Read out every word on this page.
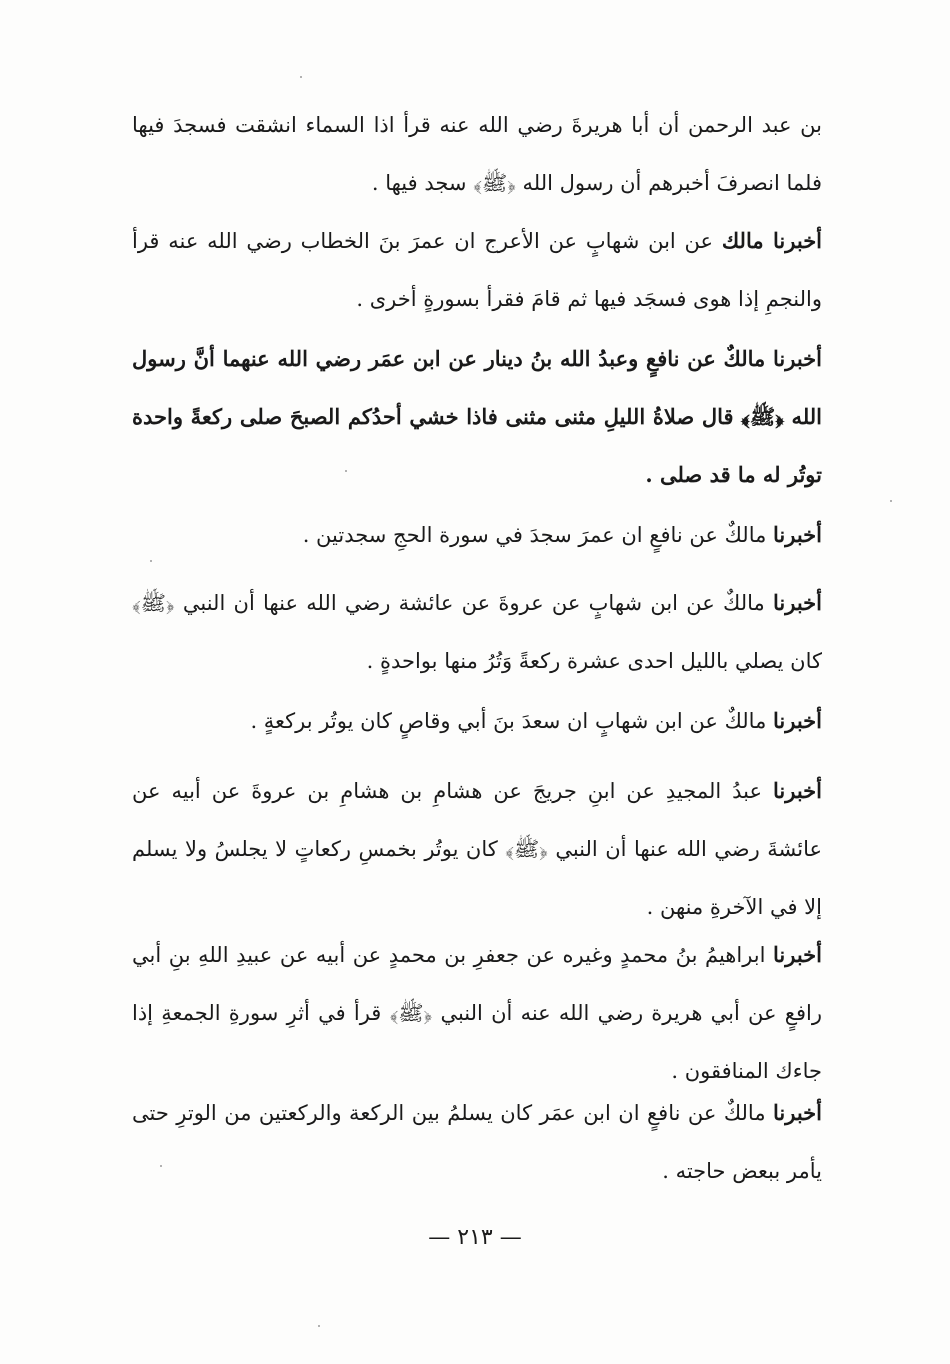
بن عبد الرحمن أن أبا هريرةَ رضي الله عنه قرأ اذا السماء انشقت فسجدَ فيها فلما انصرفَ أخبرهم أن رسول الله ﴿ﷺ﴾ سجد فيها .

أخبرنا مالك عن ابن شهابٍ عن الأعرج ان عمرَ بنَ الخطاب رضي الله عنه قرأ والنجمِ إذا هوى فسجَد فيها ثم قامَ فقرأ بسورةٍ أخرى .

أخبرنا مالكٌ عن نافعٍ وعبدُ الله بنُ دينار عن ابن عمَر رضي الله عنهما أنَّ رسول الله ﴿ﷺ﴾ قال صلاةُ الليلِ مثنى مثنى فاذا خشي أحدُكم الصبحَ صلى ركعةً واحدة توتُر له ما قد صلى .

أخبرنا مالكٌ عن نافعٍ ان عمرَ سجدَ في سورة الحجِ سجدتين .

أخبرنا مالكٌ عن ابن شهابٍ عن عروةَ عن عائشة رضي الله عنها أن النبي ﴿ﷺ﴾ كان يصلي بالليل احدى عشرة ركعةً وَتُرُ منها بواحدةٍ .

أخبرنا مالكٌ عن ابن شهابٍ ان سعدَ بنَ أبي وقاصٍ كان يوتُر بركعةٍ .

أخبرنا عبدُ المجيدِ عن ابنِ جريجَ عن هشامِ بن هشامِ بن عروةَ عن أبيه عن عائشةَ رضي الله عنها أن النبي ﴿ﷺ﴾ كان يوتُر بخمسِ ركعاتٍ لا يجلسُ ولا يسلم إلا في الآخرةِ منهن .

أخبرنا ابراهيمُ بنُ محمدٍ وغيره عن جعفرِ بن محمدٍ عن أبيه عن عبيدِ اللهِ بنِ أبي رافعٍ عن أبي هريرة رضي الله عنه أن النبي ﴿ﷺ﴾ قرأ في أثرِ سورةِ الجمعةِ إذا جاءك المنافقون .

أخبرنا مالكٌ عن نافعٍ ان ابن عمَر كان يسلمُ بين الركعة والركعتين من الوترِ حتى يأمر ببعض حاجته .

— ٢١٣ —
